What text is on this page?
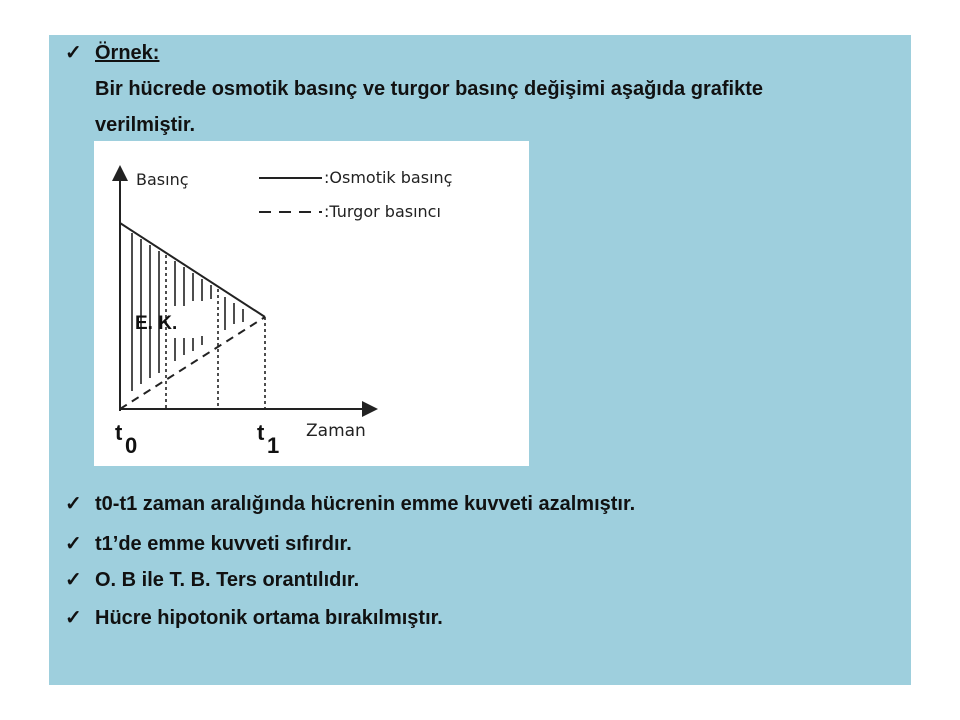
✓ Örnek:
Bir hücrede osmotik basınç ve turgor basınç değişimi aşağıda grafikte
verilmiştir.
:Osmotik basınç
:Turgor basıncı
Basınç
Zaman
E. K.
t
0
t
1
✓ t0-t1 zaman aralığında hücrenin emme kuvveti azalmıştır.
✓ t1’de emme kuvveti sıfırdır.
✓ O. B ile T. B. Ters orantılıdır.
✓ Hücre hipotonik ortama bırakılmıştır.
